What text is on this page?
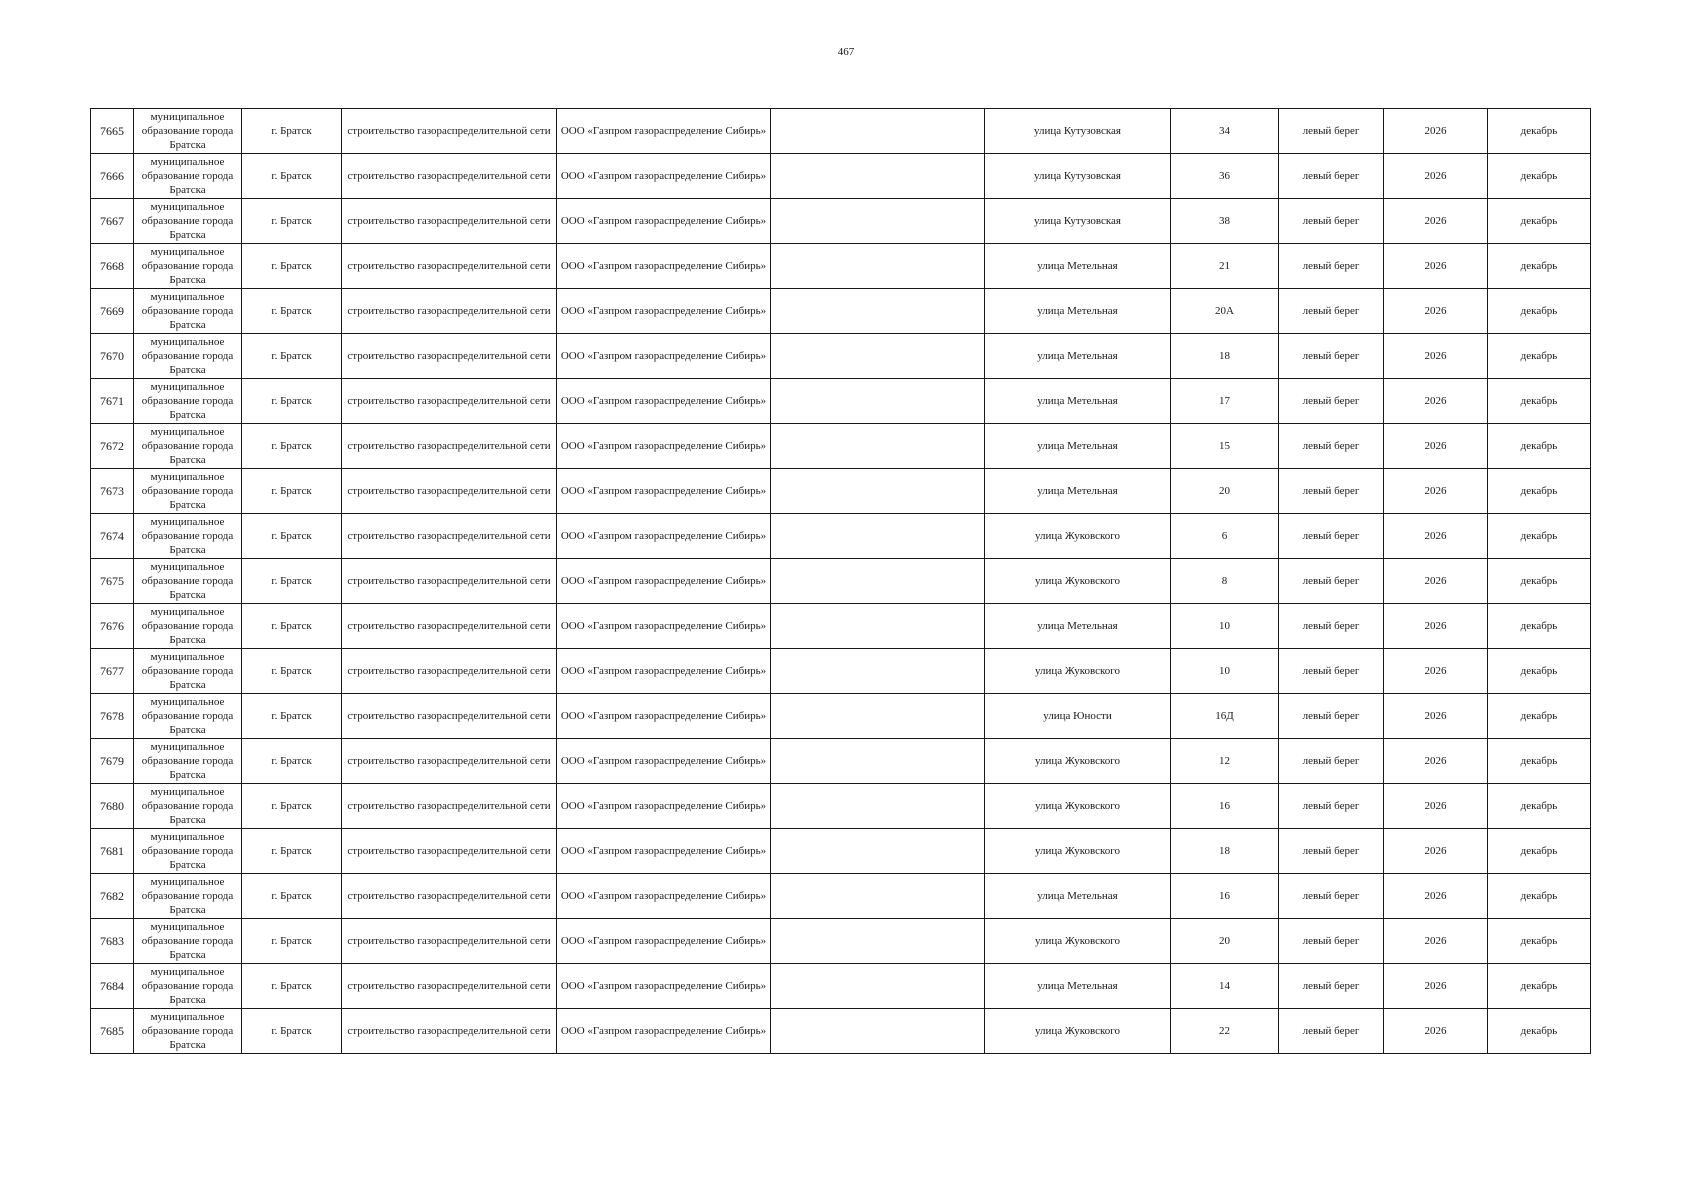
467
7665	муниципальное образование города Братска	г. Братск	строительство газораспределительной сети	ООО «Газпром газораспределение Сибирь»		улица Кутузовская	34	левый берег	2026	декабрь
7666	муниципальное образование города Братска	г. Братск	строительство газораспределительной сети	ООО «Газпром газораспределение Сибирь»		улица Кутузовская	36	левый берег	2026	декабрь
7667	муниципальное образование города Братска	г. Братск	строительство газораспределительной сети	ООО «Газпром газораспределение Сибирь»		улица Кутузовская	38	левый берег	2026	декабрь
7668	муниципальное образование города Братска	г. Братск	строительство газораспределительной сети	ООО «Газпром газораспределение Сибирь»		улица Метельная	21	левый берег	2026	декабрь
7669	муниципальное образование города Братска	г. Братск	строительство газораспределительной сети	ООО «Газпром газораспределение Сибирь»		улица Метельная	20А	левый берег	2026	декабрь
7670	муниципальное образование города Братска	г. Братск	строительство газораспределительной сети	ООО «Газпром газораспределение Сибирь»		улица Метельная	18	левый берег	2026	декабрь
7671	муниципальное образование города Братска	г. Братск	строительство газораспределительной сети	ООО «Газпром газораспределение Сибирь»		улица Метельная	17	левый берег	2026	декабрь
7672	муниципальное образование города Братска	г. Братск	строительство газораспределительной сети	ООО «Газпром газораспределение Сибирь»		улица Метельная	15	левый берег	2026	декабрь
7673	муниципальное образование города Братска	г. Братск	строительство газораспределительной сети	ООО «Газпром газораспределение Сибирь»		улица Метельная	20	левый берег	2026	декабрь
7674	муниципальное образование города Братска	г. Братск	строительство газораспределительной сети	ООО «Газпром газораспределение Сибирь»		улица Жуковского	6	левый берег	2026	декабрь
7675	муниципальное образование города Братска	г. Братск	строительство газораспределительной сети	ООО «Газпром газораспределение Сибирь»		улица Жуковского	8	левый берег	2026	декабрь
7676	муниципальное образование города Братска	г. Братск	строительство газораспределительной сети	ООО «Газпром газораспределение Сибирь»		улица Метельная	10	левый берег	2026	декабрь
7677	муниципальное образование города Братска	г. Братск	строительство газораспределительной сети	ООО «Газпром газораспределение Сибирь»		улица Жуковского	10	левый берег	2026	декабрь
7678	муниципальное образование города Братска	г. Братск	строительство газораспределительной сети	ООО «Газпром газораспределение Сибирь»		улица Юности	16Д	левый берег	2026	декабрь
7679	муниципальное образование города Братска	г. Братск	строительство газораспределительной сети	ООО «Газпром газораспределение Сибирь»		улица Жуковского	12	левый берег	2026	декабрь
7680	муниципальное образование города Братска	г. Братск	строительство газораспределительной сети	ООО «Газпром газораспределение Сибирь»		улица Жуковского	16	левый берег	2026	декабрь
7681	муниципальное образование города Братска	г. Братск	строительство газораспределительной сети	ООО «Газпром газораспределение Сибирь»		улица Жуковского	18	левый берег	2026	декабрь
7682	муниципальное образование города Братска	г. Братск	строительство газораспределительной сети	ООО «Газпром газораспределение Сибирь»		улица Метельная	16	левый берег	2026	декабрь
7683	муниципальное образование города Братска	г. Братск	строительство газораспределительной сети	ООО «Газпром газораспределение Сибирь»		улица Жуковского	20	левый берег	2026	декабрь
7684	муниципальное образование города Братска	г. Братск	строительство газораспределительной сети	ООО «Газпром газораспределение Сибирь»		улица Метельная	14	левый берег	2026	декабрь
7685	муниципальное образование города Братска	г. Братск	строительство газораспределительной сети	ООО «Газпром газораспределение Сибирь»		улица Жуковского	22	левый берег	2026	декабрь
